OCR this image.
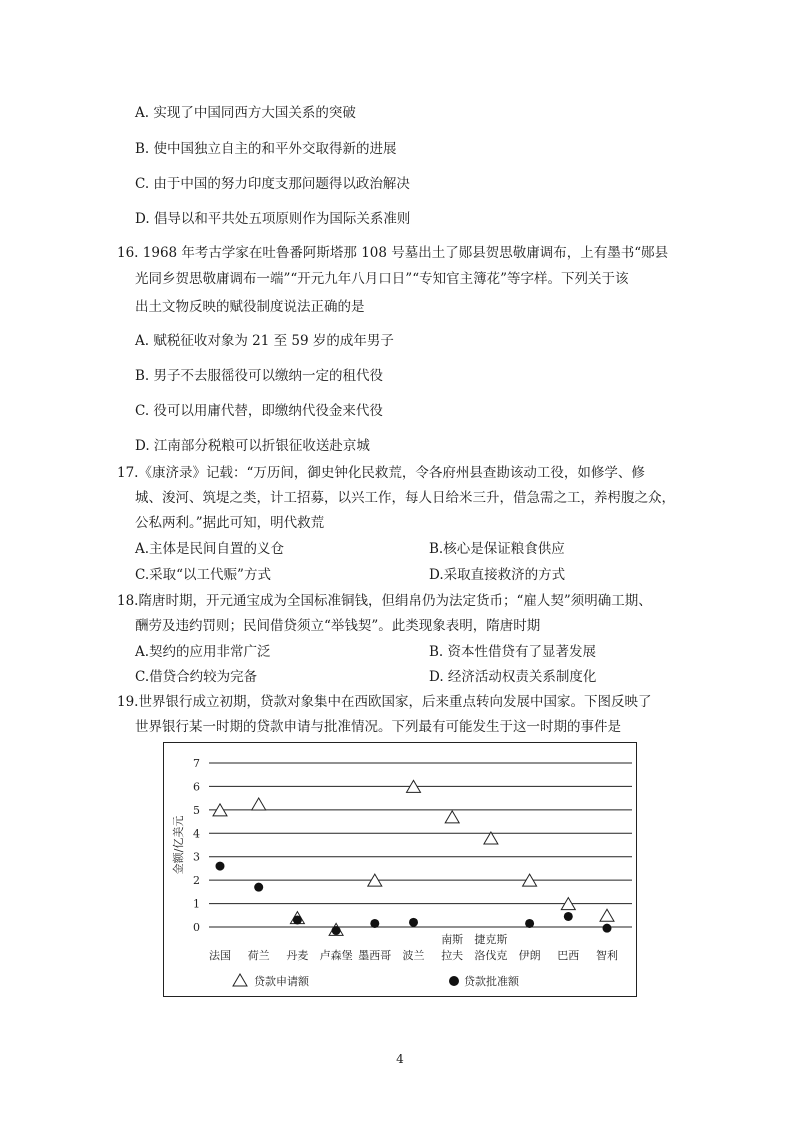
A. 实现了中国同西方大国关系的突破
B. 使中国独立自主的和平外交取得新的进展
C. 由于中国的努力印度支那问题得以政治解决
D. 倡导以和平共处五项原则作为国际关系准则
16. 1968 年考古学家在吐鲁番阿斯塔那 108 号墓出土了郧县贺思敬庸调布，上有墨书“郧县
光同乡贺思敬庸调布一端”“开元九年八月口日”“专知官主簿花”等字样。下列关于该
出土文物反映的赋役制度说法正确的是
A. 赋税征收对象为 21 至 59 岁的成年男子
B. 男子不去服徭役可以缴纳一定的租代役
C. 役可以用庸代替，即缴纳代役金来代役
D. 江南部分税粮可以折银征收送赴京城
17.《康济录》记载：“万历间，御史钟化民救荒，令各府州县查勘该动工役，如修学、修
城、浚河、筑堤之类，计工招募，以兴工作，每人日给米三升，借急需之工，养枵腹之众，
公私两利。”据此可知，明代救荒
A.主体是民间自置的义仓	B.核心是保证粮食供应
C.采取“以工代赈”方式	D.采取直接救济的方式
18.隋唐时期，开元通宝成为全国标准铜钱，但绢帛仍为法定货币；“雇人契”须明确工期、
酬劳及违约罚则；民间借贷须立“举钱契”。此类现象表明，隋唐时期
A.契约的应用非常广泛	B. 资本性借贷有了显著发展
C.借贷合约较为完备	D. 经济活动权责关系制度化
19.世界银行成立初期，贷款对象集中在西欧国家，后来重点转向发展中国家。下图反映了
世界银行某一时期的贷款申请与批准情况。下列最有可能发生于这一时期的事件是
0
1
2
3
4
5
6
7
金额/亿美元
法国 荷兰 丹麦 卢森堡 墨西哥 波兰
南斯
拉夫
捷克斯
洛伐克 伊朗 巴西 智利
贷款申请额	贷款批准额
4
